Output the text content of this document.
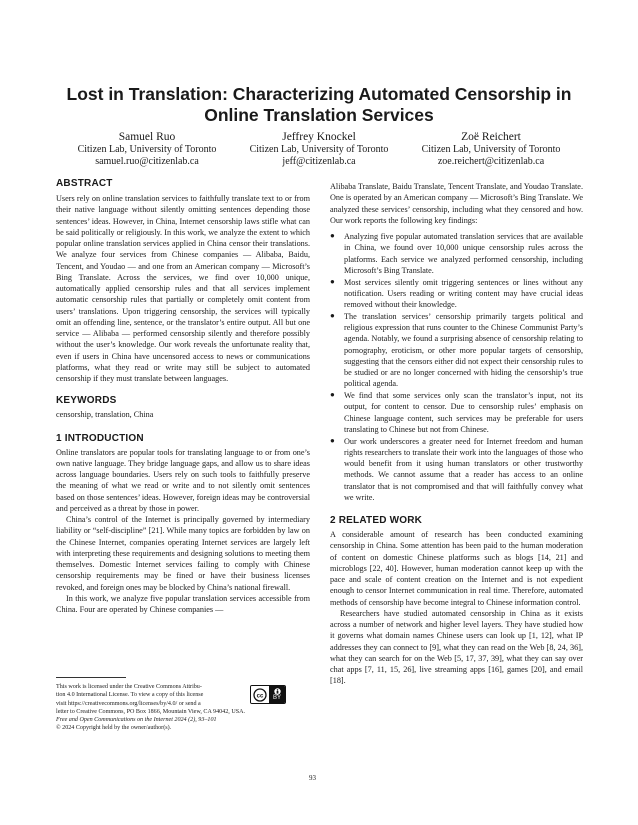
Lost in Translation: Characterizing Automated Censorship in Online Translation Services
Samuel Ruo
Citizen Lab, University of Toronto
samuel.ruo@citizenlab.ca
Jeffrey Knockel
Citizen Lab, University of Toronto
jeff@citizenlab.ca
Zoë Reichert
Citizen Lab, University of Toronto
zoe.reichert@citizenlab.ca
ABSTRACT
Users rely on online translation services to faithfully translate text to or from their native language without silently omitting sentences depending those sentences’ ideas. However, in China, Internet censorship laws stifle what can be said politically or religiously. In this work, we analyze the extent to which popular online translation services applied in China censor their translations. We analyze four services from Chinese companies — Alibaba, Baidu, Tencent, and Youdao — and one from an American company — Microsoft’s Bing Translate. Across the services, we find over 10,000 unique, automatically applied censorship rules and that all services implement automatic censorship rules that partially or completely omit content from users’ translations. Upon triggering censorship, the services will typically omit an offending line, sentence, or the translator’s entire output. All but one service — Alibaba — performed censorship silently and therefore possibly without the user’s knowledge. Our work reveals the unfortunate reality that, even if users in China have uncensored access to news or communications platforms, what they read or write may still be subject to automated censorship if they must translate between languages.
KEYWORDS
censorship, translation, China
1 INTRODUCTION
Online translators are popular tools for translating language to or from one’s own native language. They bridge language gaps, and allow us to share ideas across language boundaries. Users rely on such tools to faithfully preserve the meaning of what we read or write and to not silently omit sentences based on those sentences’ ideas. However, foreign ideas may be controversial and perceived as a threat by those in power.
China’s control of the Internet is principally governed by intermediary liability or “self-discipline” [21]. While many topics are forbidden by law on the Chinese Internet, companies operating Internet services are largely left with interpreting these requirements and designing solutions to meeting them themselves. Domestic Internet services failing to comply with Chinese censorship requirements may be fined or have their business licenses revoked, and foreign ones may be blocked by China’s national firewall.
In this work, we analyze five popular translation services accessible from China. Four are operated by Chinese companies —
This work is licensed under the Creative Commons Attribu-
tion 4.0 International License. To view a copy of this license
visit https://creativecommons.org/licenses/by/4.0/ or send a
letter to Creative Commons, PO Box 1866, Mountain View, CA 94042, USA.
Free and Open Communications on the Internet 2024 (2), 93–101
© 2024 Copyright held by the owner/author(s).
cc BY
Alibaba Translate, Baidu Translate, Tencent Translate, and Youdao Translate. One is operated by an American company — Microsoft’s Bing Translate. We analyzed these services’ censorship, including what they censored and how. Our work reports the following key findings:
● Analyzing five popular automated translation services that are available in China, we found over 10,000 unique censorship rules across the platforms. Each service we analyzed performed censorship, including Microsoft’s Bing Translate.
● Most services silently omit triggering sentences or lines without any notification. Users reading or writing content may have crucial ideas removed without their knowledge.
● The translation services’ censorship primarily targets political and religious expression that runs counter to the Chinese Communist Party’s agenda. Notably, we found a surprising absence of censorship relating to pornography, eroticism, or other more popular targets of censorship, suggesting that the censors either did not expect their censorship rules to be studied or are no longer concerned with hiding the censorship’s true political agenda.
● We find that some services only scan the translator’s input, not its output, for content to censor. Due to censorship rules’ emphasis on Chinese language content, such services may be preferable for users translating to Chinese but not from Chinese.
● Our work underscores a greater need for Internet freedom and human rights researchers to translate their work into the languages of those who would benefit from it using human translators or other trustworthy methods. We cannot assume that a reader has access to an online translator that is not compromised and that will faithfully convey what we write.
2 RELATED WORK
A considerable amount of research has been conducted examining censorship in China. Some attention has been paid to the human moderation of content on domestic Chinese platforms such as blogs [14, 21] and microblogs [22, 40]. However, human moderation cannot keep up with the pace and scale of content creation on the Internet and is not expedient enough to censor Internet communication in real time. Therefore, automated methods of censorship have become integral to Chinese information control.
Researchers have studied automated censorship in China as it exists across a number of network and higher level layers. They have studied how it governs what domain names Chinese users can look up [1, 12], what IP addresses they can connect to [9], what they can read on the Web [8, 24, 36], what they can search for on the Web [5, 17, 37, 39], what they can say over chat apps [7, 11, 15, 26], live streaming apps [16], games [20], and email [18].
93
